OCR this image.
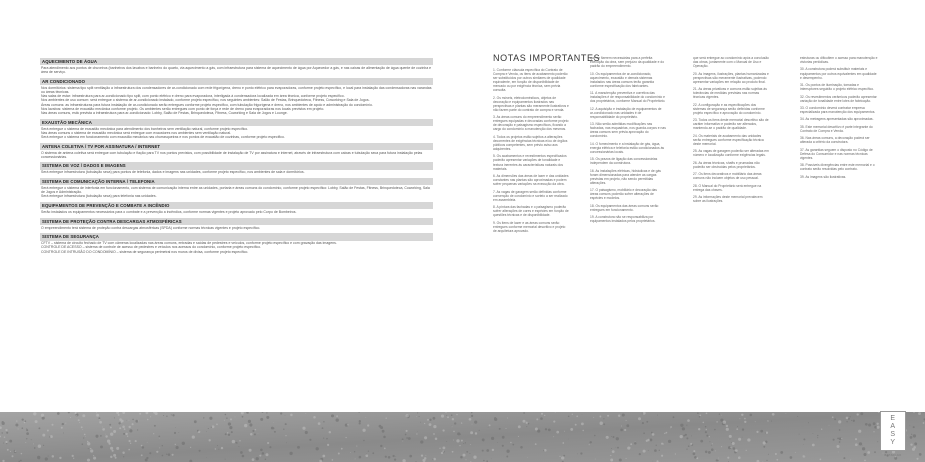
AQUECIMENTO DE ÁGUA

Para atendimento aos pontos de chuveiros (banheiros dos lavabos e banheiro do quarto, via aquecimento a gás, com infraestrutura para sistema de aquecimento de água por Aquecedor a gás, e nas caixas de alimentação de água quente de cozinha e área de serviço.

AR CONDICIONADO

Nos dormitórios: sistema tipo split ventilação a infraestrutura dos condensadores de ar-condicionado com rede frigorígena, dreno e ponto elétrico para evaporadoras, conforme projeto específico, e local para instalação das condensadoras nas varandas ou áreas técnicas.

Nas salas de estar: infraestrutura para ar-condicionado tipo split, com ponto elétrico e dreno para evaporadora, interligada à condensadora localizada em área técnica, conforme projeto específico.

Nos ambientes de uso comum: será entregue o sistema de ar-condicionado instalado, conforme projeto específico, nos seguintes ambientes: Salão de Festas, Brinquedoteca, Fitness, Coworking e Sala de Jogos.

Áreas comuns: as infraestruturas para futura instalação de ar-condicionado serão entregues conforme projeto específico, com tubulação frigorígena e dreno, nos ambientes de apoio e administração do condomínio.

Nos lavabos: sistema de exaustão mecânica conforme projeto. Os ambientes serão entregues com ponto de força e rede de dreno para evaporadoras nos locais previstos em projeto.

Nas áreas comuns, está prevista a infraestrutura para ar-condicionado: Lobby, Salão de Festas, Brinquedoteca, Fitness, Coworking e Sala de Jogos e Lounge.

EXAUSTÃO MECÂNICA

Será entregue o sistema de exaustão mecânica para atendimento dos banheiros sem ventilação natural, conforme projeto específico.

Nas áreas comuns o sistema de exaustão mecânica será entregue com exaustores nos ambientes sem ventilação natural.

Será entregue o sistema em funcionamento com exaustão mecânica nas churrasqueiras e nos pontos de exaustão de cozinhas, conforme projeto específico.

ANTENA COLETIVA / TV POR ASSINATURA / INTERNET

O sistema de antena coletiva será entregue com tubulação e fiação para TV nos pontos previstos, com possibilidade de instalação de TV por assinatura e internet, através de infraestrutura com caixas e tubulação seca para futura instalação pelas concessionárias.

SISTEMA DE VOZ / DADOS E IMAGENS

Será entregue infraestrutura (tubulação seca) para pontos de telefonia, dados e imagens nas unidades, conforme projeto específico, nos ambientes de sala e dormitórios.

SISTEMA DE COMUNICAÇÃO INTERNA / TELEFONIA

Será entregue o sistema de interfonia em funcionamento, com sistema de comunicação interna entre as unidades, portaria e áreas comuns do condomínio, conforme projeto específico: Lobby, Salão de Festas, Fitness, Brinquedoteca, Coworking, Sala de Jogos e Administração.

Será entregue infraestrutura (tubulação seca) para telefonia nas unidades.

EQUIPAMENTOS DE PREVENÇÃO E COMBATE A INCÊNDIO

Serão instalados os equipamentos necessários para o combate e a prevenção a incêndios, conforme normas vigentes e projeto aprovado pelo Corpo de Bombeiros.

SISTEMA DE PROTEÇÃO CONTRA DESCARGAS ATMOSFÉRICAS

O empreendimento terá sistema de proteção contra descargas atmosféricas (SPDA) conforme normas técnicas vigentes e projeto específico.

SISTEMA DE SEGURANÇA

CFTV – sistema de circuito fechado de TV com câmeras localizadas nas áreas comuns, entradas e saídas de pedestres e veículos, conforme projeto específico e com gravação das imagens.

CONTROLE DE ACESSO – sistema de controle de acesso de pedestres e veículos nos acessos do condomínio, conforme projeto específico.

CONTROLE DE INTRUSÃO DO CONDOMÍNIO – sistema de segurança perimetral nos muros de divisa, conforme projeto específico.

NOTAS IMPORTANTES

1. Conforme cláusula específica do Contrato de Compra e Venda, os itens de acabamento poderão ser substituídos por outros similares de qualidade equivalente, em função de disponibilidade de mercado ou por exigência técnica, sem prévia consulta.

2. Os móveis, eletrodomésticos, objetos de decoração e equipamentos ilustrados nas perspectivas e plantas são meramente ilustrativos e não fazem parte do contrato de compra e venda.

3. As áreas comuns do empreendimento serão entregues equipadas e decoradas conforme projeto de decoração e paisagismo específicos, ficando a cargo do condomínio a manutenção dos mesmos.

4. Todos os projetos estão sujeitos a alterações decorrentes de exigências técnicas e/ou de órgãos públicos competentes, sem prévio aviso aos adquirentes.

5. Os acabamentos e revestimentos especificados poderão apresentar variações de tonalidade e textura inerentes às características naturais dos materiais.

6. As dimensões das áreas de lazer e das unidades constantes nas plantas são aproximadas e podem sofrer pequenas variações na execução da obra.

7. As vagas de garagem serão definidas conforme convenção de condomínio e sorteio a ser realizado em assembleia.

8. A pintura das fachadas e o paisagismo poderão sofrer alterações de cores e espécies em função de questões técnicas e de disponibilidade.

9. Os itens de lazer e as áreas comuns serão entregues conforme memorial descritivo e projeto de arquitetura aprovado.

que se fizerem necessárias para a perfeita execução da obra, sem prejuízo da qualidade e do padrão do empreendimento.

10. Os equipamentos de ar-condicionado, aquecimento, exaustão e demais sistemas instalados nas áreas comuns terão garantia conforme especificação dos fabricantes.

11. A manutenção preventiva e corretiva das instalações é de responsabilidade do condomínio e dos proprietários, conforme Manual do Proprietário.

12. A aquisição e instalação de equipamentos de ar-condicionado nas unidades é de responsabilidade do proprietário.

13. Não serão admitidas modificações nas fachadas, nas esquadrias, nos guarda-corpos e nas áreas comuns sem prévia aprovação do condomínio.

14. O fornecimento e a instalação de gás, água, energia elétrica e telefonia estão condicionados às concessionárias locais.

15. Os prazos de ligação das concessionárias independem da construtora.

16. As instalações elétricas, hidráulicas e de gás foram dimensionadas para atender as cargas previstas em projeto, não sendo permitidas alterações.

17. O paisagismo, mobiliário e decoração das áreas comuns poderão sofrer alterações de espécies e modelos.

18. Os equipamentos das áreas comuns serão entregues em funcionamento.

19. A construtora não se responsabiliza por equipamentos instalados pelos proprietários.

que será entregue ao condomínio após a conclusão das obras, juntamente com o Manual de Uso e Operação.

20. As imagens, ilustrações, plantas humanizadas e perspectivas são meramente ilustrativas, podendo apresentar variações em relação ao produto final.

21. As áreas privativas e comuns estão sujeitas às tolerâncias de medidas previstas nas normas técnicas vigentes.

22. A configuração e as especificações dos sistemas de segurança serão definidas conforme projeto específico e aprovação do condomínio.

23. Todos os itens deste memorial descritivo são de caráter informativo e poderão ser alterados, mantendo-se o padrão de qualidade.

24. Os materiais de acabamento das unidades serão entregues conforme especificação técnica deste memorial.

25. As vagas de garagem poderão ser alteradas em número e localização conforme exigências legais.

26. As áreas técnicas, shafts e prumadas não poderão ser obstruídas pelos proprietários.

27. Os itens decorativos e mobiliário das áreas comuns não incluem objetos de uso pessoal.

28. O Manual do Proprietário será entregue na entrega das chaves.

29. As informações deste memorial prevalecem sobre as ilustrações.

estruturas ou dificultem o acesso para manutenção e vistorias periódicas.

30. A construtora poderá substituir materiais e equipamentos por outros equivalentes em qualidade e desempenho.

31. Os pontos de iluminação, tomadas e interruptores seguirão o projeto elétrico específico.

32. Os revestimentos cerâmicos poderão apresentar variação de tonalidade entre lotes de fabricação.

33. O condomínio deverá contratar empresa especializada para manutenção dos equipamentos.

34. As metragens apresentadas são aproximadas.

35. Este memorial descritivo é parte integrante do Contrato de Compra e Venda.

36. Nas áreas comuns, a decoração poderá ser alterada a critério da construtora.

37. As garantias seguem o disposto no Código de Defesa do Consumidor e nas normas técnicas vigentes.

38. Possíveis divergências entre este memorial e o contrato serão resolvidas pelo contrato.

39. As imagens são ilustrativas.

E
A
S
Y
BOTAFOGO
